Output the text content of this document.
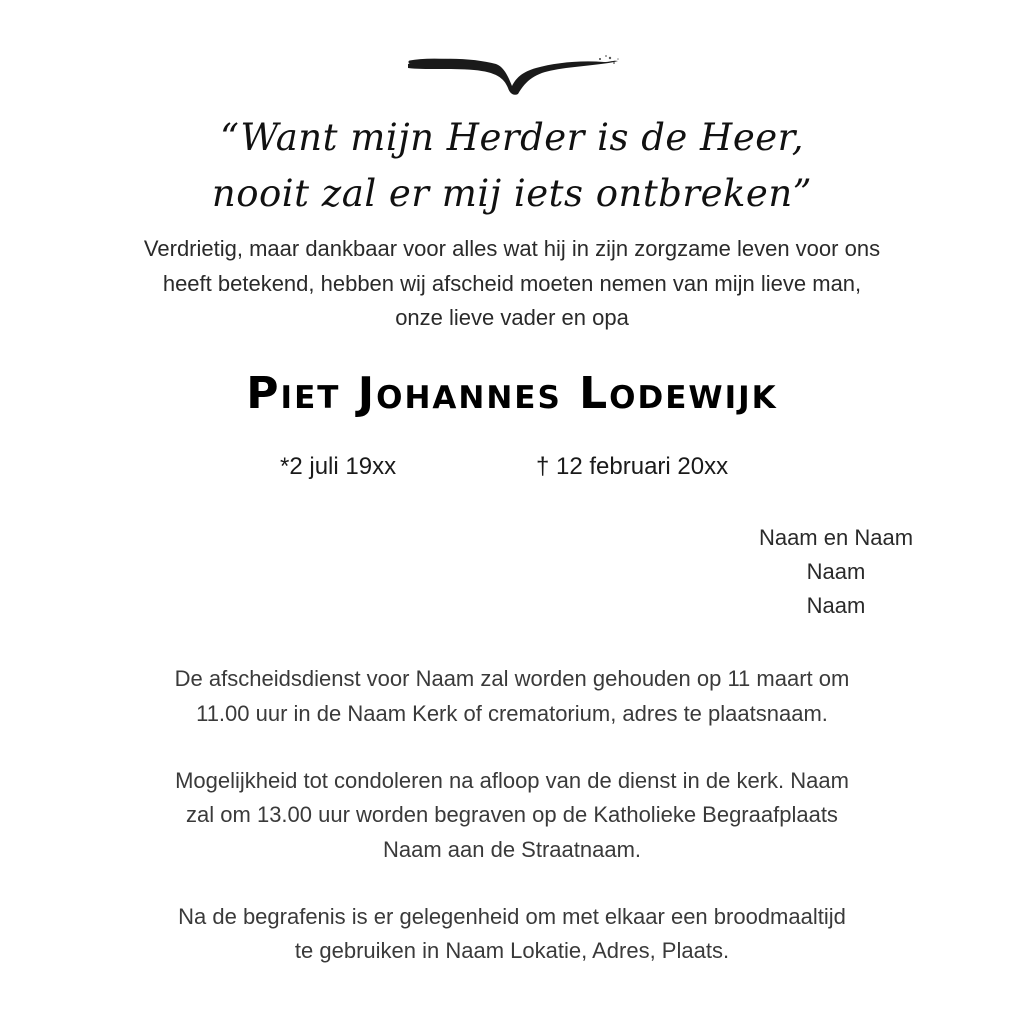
“Want mijn Herder is de Heer,
nooit zal er mij iets ontbreken”
Verdrietig, maar dankbaar voor alles wat hij in zijn zorgzame leven voor ons
heeft betekend, hebben wij afscheid moeten nemen van mijn lieve man,
onze lieve vader en opa
Piet Johannes Lodewijk
*2 juli 19xx	† 12 februari 20xx
Naam en Naam
Naam
Naam
De afscheidsdienst voor Naam zal worden gehouden op 11 maart om
11.00 uur in de Naam Kerk of crematorium, adres te plaatsnaam.
Mogelijkheid tot condoleren na afloop van de dienst in de kerk. Naam
zal om 13.00 uur worden begraven op de Katholieke Begraafplaats
Naam aan de Straatnaam.
Na de begrafenis is er gelegenheid om met elkaar een broodmaaltijd
te gebruiken in Naam Lokatie, Adres, Plaats.
